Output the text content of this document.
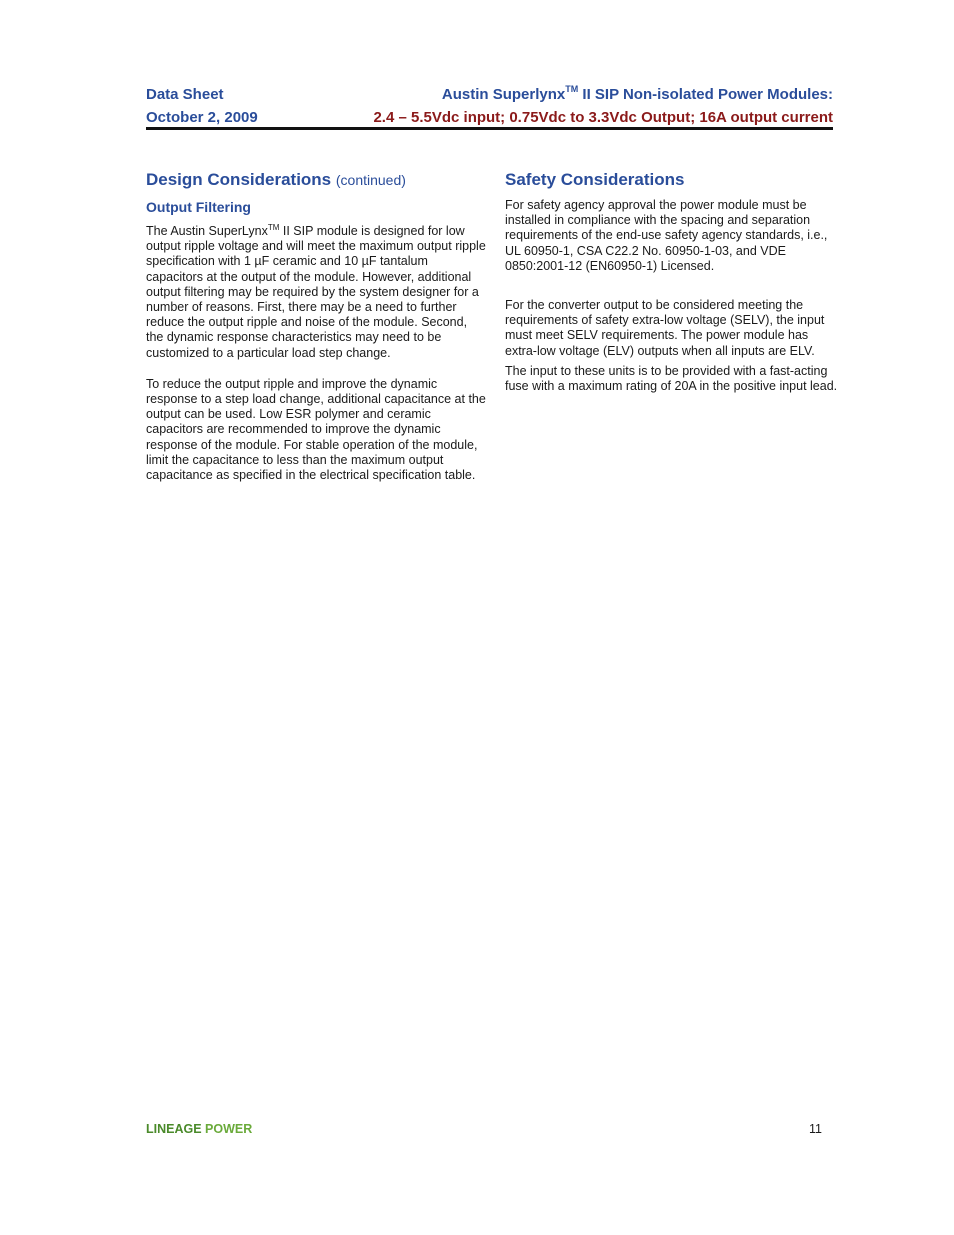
Data Sheet
October 2, 2009
Austin Superlynx™ II SIP Non-isolated Power Modules:
2.4 – 5.5Vdc input; 0.75Vdc to 3.3Vdc Output; 16A output current
Design Considerations (continued)
Output Filtering

The Austin SuperLynx™ II SIP module is designed for low output ripple voltage and will meet the maximum output ripple specification with 1 µF ceramic and 10 µF tantalum capacitors at the output of the module. However, additional output filtering may be required by the system designer for a number of reasons. First, there may be a need to further reduce the output ripple and noise of the module. Second, the dynamic response characteristics may need to be customized to a particular load step change.

To reduce the output ripple and improve the dynamic response to a step load change, additional capacitance at the output can be used. Low ESR polymer and ceramic capacitors are recommended to improve the dynamic response of the module. For stable operation of the module, limit the capacitance to less than the maximum output capacitance as specified in the electrical specification table.

Safety Considerations

For safety agency approval the power module must be installed in compliance with the spacing and separation requirements of the end-use safety agency standards, i.e., UL 60950-1, CSA C22.2 No. 60950-1-03, and VDE 0850:2001-12 (EN60950-1) Licensed.

For the converter output to be considered meeting the requirements of safety extra-low voltage (SELV), the input must meet SELV requirements. The power module has extra-low voltage (ELV) outputs when all inputs are ELV.

The input to these units is to be provided with a fast-acting fuse with a maximum rating of 20A in the positive input lead.

LINEAGE POWER	11
